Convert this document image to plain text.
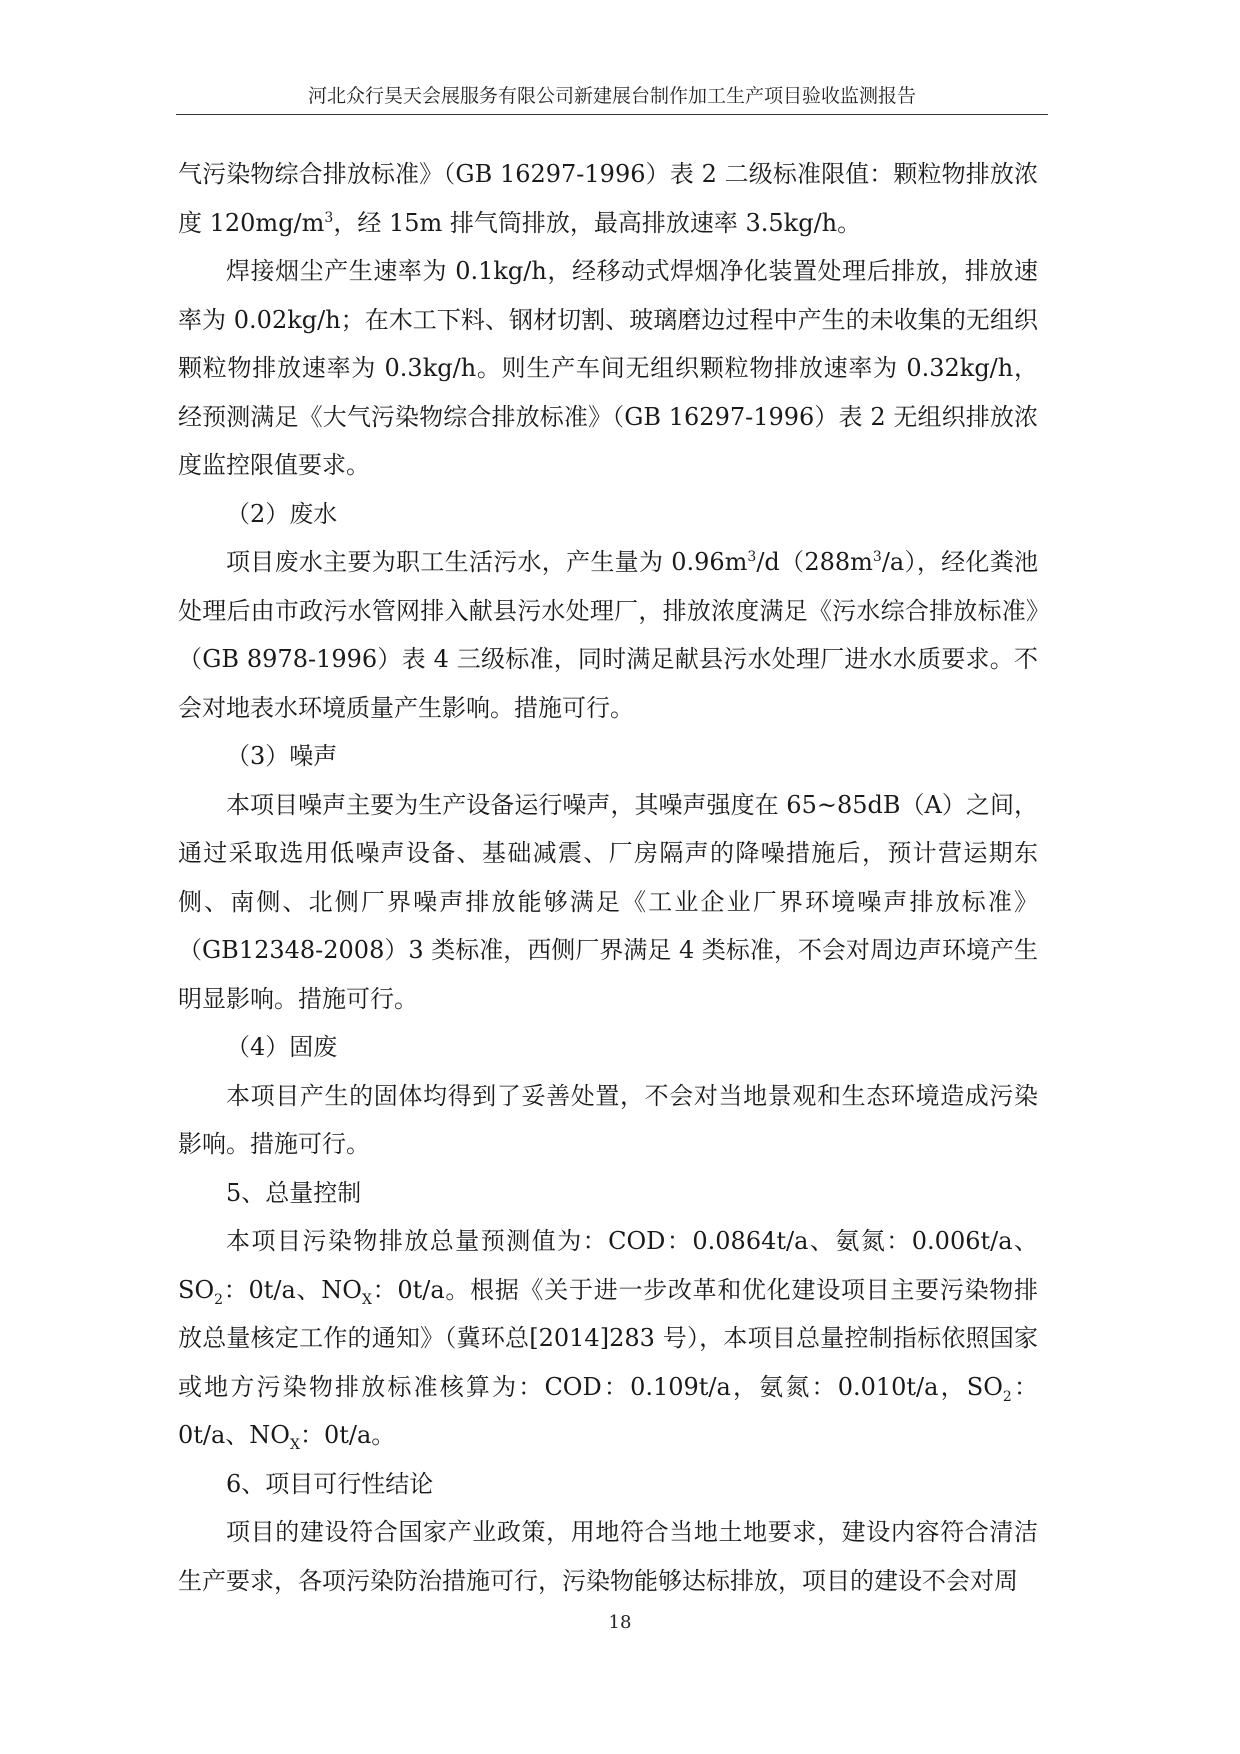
河北众行昊天会展服务有限公司新建展台制作加工生产项目验收监测报告

气污染物综合排放标准》（GB 16297-1996）表 2 二级标准限值：颗粒物排放浓度 $120mg/m^3$，经 15m 排气筒排放，最高排放速率 3.5kg/h。

焊接烟尘产生速率为 0.1kg/h，经移动式焊烟净化装置处理后排放，排放速率为 0.02kg/h；在木工下料、钢材切割、玻璃磨边过程中产生的未收集的无组织颗粒物排放速率为 0.3kg/h。则生产车间无组织颗粒物排放速率为 0.32kg/h，经预测满足《大气污染物综合排放标准》（GB 16297-1996）表 2 无组织排放浓度监控限值要求。

（2）废水

项目废水主要为职工生活污水，产生量为 $0.96m^3/d(288m^3/a)$，经化粪池处理后由市政污水管网排入献县污水处理厂，排放浓度满足《污水综合排放标准》（GB 8978-1996）表 4 三级标准，同时满足献县污水处理厂进水水质要求。不会对地表水环境质量产生影响。措施可行。

（3）噪声

本项目噪声主要为生产设备运行噪声，其噪声强度在 65~85dB（A）之间，通过采取选用低噪声设备、基础减震、厂房隔声的降噪措施后，预计营运期东侧、南侧、北侧厂界噪声排放能够满足《工业企业厂界环境噪声排放标准》（GB12348-2008）3 类标准，西侧厂界满足 4 类标准，不会对周边声环境产生明显影响。措施可行。

（4）固废

本项目产生的固体均得到了妥善处置，不会对当地景观和生态环境造成污染影响。措施可行。

5、总量控制

本项目污染物排放总量预测值为：COD：0.0864t/a、氨氮：0.006t/a、$SO_2$：0t/a、$NO_X$：0t/a。根据《关于进一步改革和优化建设项目主要污染物排放总量核定工作的通知》（冀环总[2014]283 号），本项目总量控制指标依照国家或地方污染物排放标准核算为：COD：0.109t/a，氨氮：0.010t/a，$SO_2$：0t/a、$NO_X$：0t/a。

6、项目可行性结论

项目的建设符合国家产业政策，用地符合当地土地要求，建设内容符合清洁生产要求，各项污染防治措施可行，污染物能够达标排放，项目的建设不会对周

18
